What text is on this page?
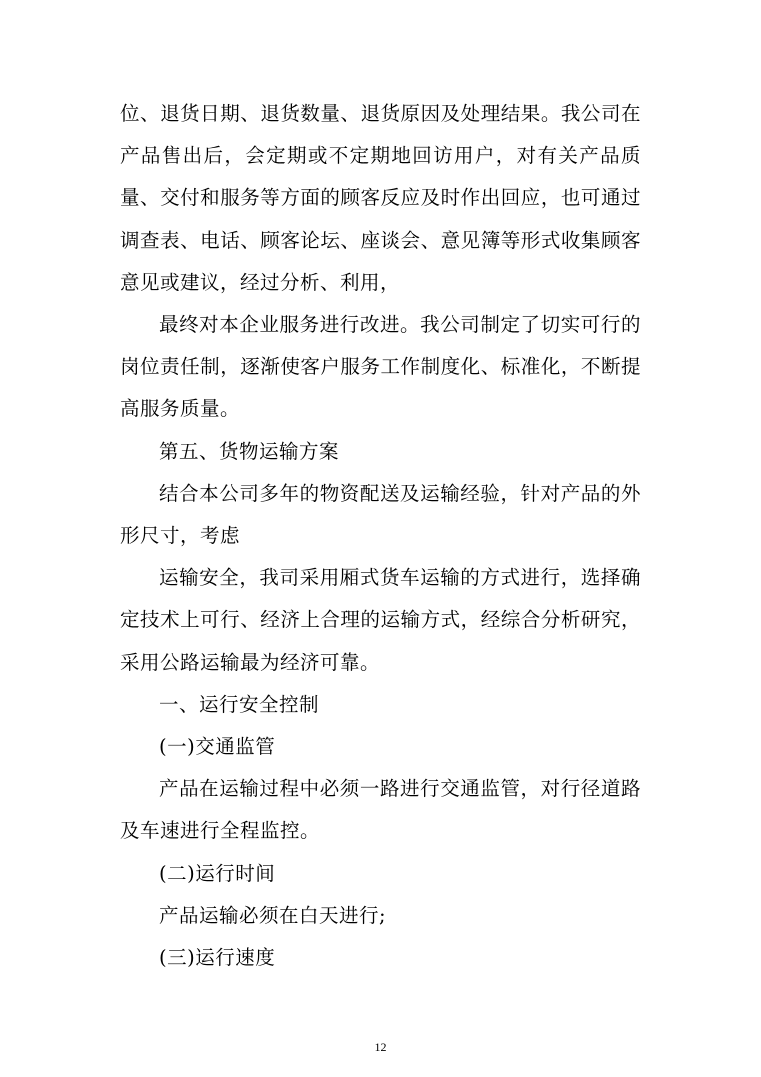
位、退货日期、退货数量、退货原因及处理结果。我公司在产品售出后，会定期或不定期地回访用户，对有关产品质量、交付和服务等方面的顾客反应及时作出回应，也可通过调查表、电话、顾客论坛、座谈会、意见簿等形式收集顾客意见或建议，经过分析、利用，

最终对本企业服务进行改进。我公司制定了切实可行的岗位责任制，逐渐使客户服务工作制度化、标准化，不断提高服务质量。

第五、货物运输方案

结合本公司多年的物资配送及运输经验，针对产品的外形尺寸，考虑

运输安全，我司采用厢式货车运输的方式进行，选择确定技术上可行、经济上合理的运输方式，经综合分析研究，采用公路运输最为经济可靠。

一、运行安全控制

(一)交通监管

产品在运输过程中必须一路进行交通监管，对行径道路及车速进行全程监控。

(二)运行时间

产品运输必须在白天进行;

(三)运行速度

12
